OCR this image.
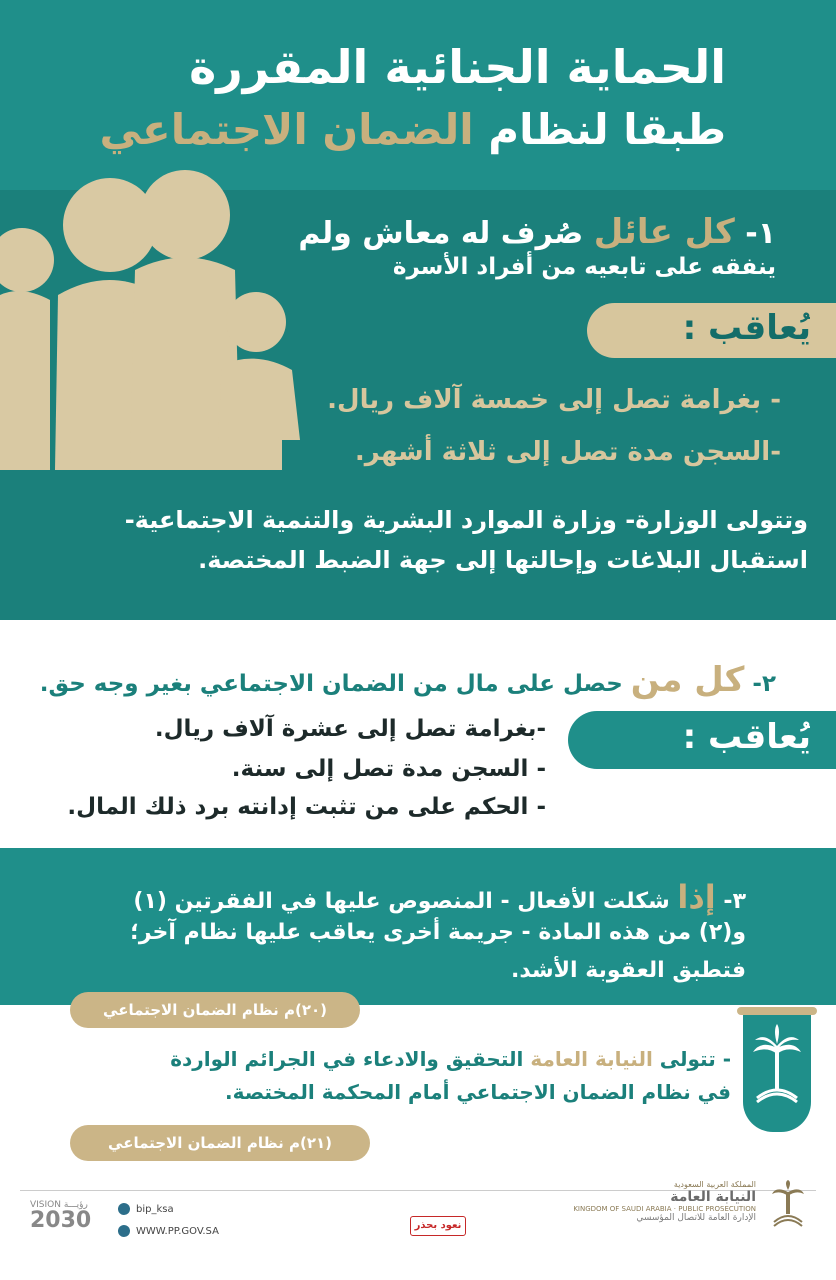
الحماية الجنائية المقررة
طبقا لنظام الضمان الاجتماعي
١- كل عائل صُرف له معاش ولم
ينفقه على تابعيه من أفراد الأسرة
يُعاقب :
- بغرامة تصل إلى خمسة آلاف ريال.
-السجن مدة تصل إلى ثلاثة أشهر.
وتتولى الوزارة- وزارة الموارد البشرية والتنمية الاجتماعية-
استقبال البلاغات وإحالتها إلى جهة الضبط المختصة.
٢- كل من حصل على مال من الضمان الاجتماعي بغير وجه حق.
يُعاقب :
-بغرامة تصل إلى عشرة آلاف ريال.
- السجن مدة تصل إلى سنة.
- الحكم على من تثبت إدانته برد ذلك المال.
٣- إذا شكلت الأفعال - المنصوص عليها في الفقرتين (١)
و(٢) من هذه المادة - جريمة أخرى يعاقب عليها نظام آخر؛
فتطبق العقوبة الأشد.
(٢٠)م نظام الضمان الاجتماعي
- تتولى النيابة العامة التحقيق والادعاء في الجرائم الواردة
في نظام الضمان الاجتماعي أمام المحكمة المختصة.
(٢١)م نظام الضمان الاجتماعي
VISION رؤيـــة
2030	bip_ksa
WWW.PP.GOV.SA	نعود بحذر
المملكة العربية السعودية
النيابة العامة
KINGDOM OF SAUDI ARABIA · PUBLIC PROSECUTION
الإدارة العامة للاتصال المؤسسي
